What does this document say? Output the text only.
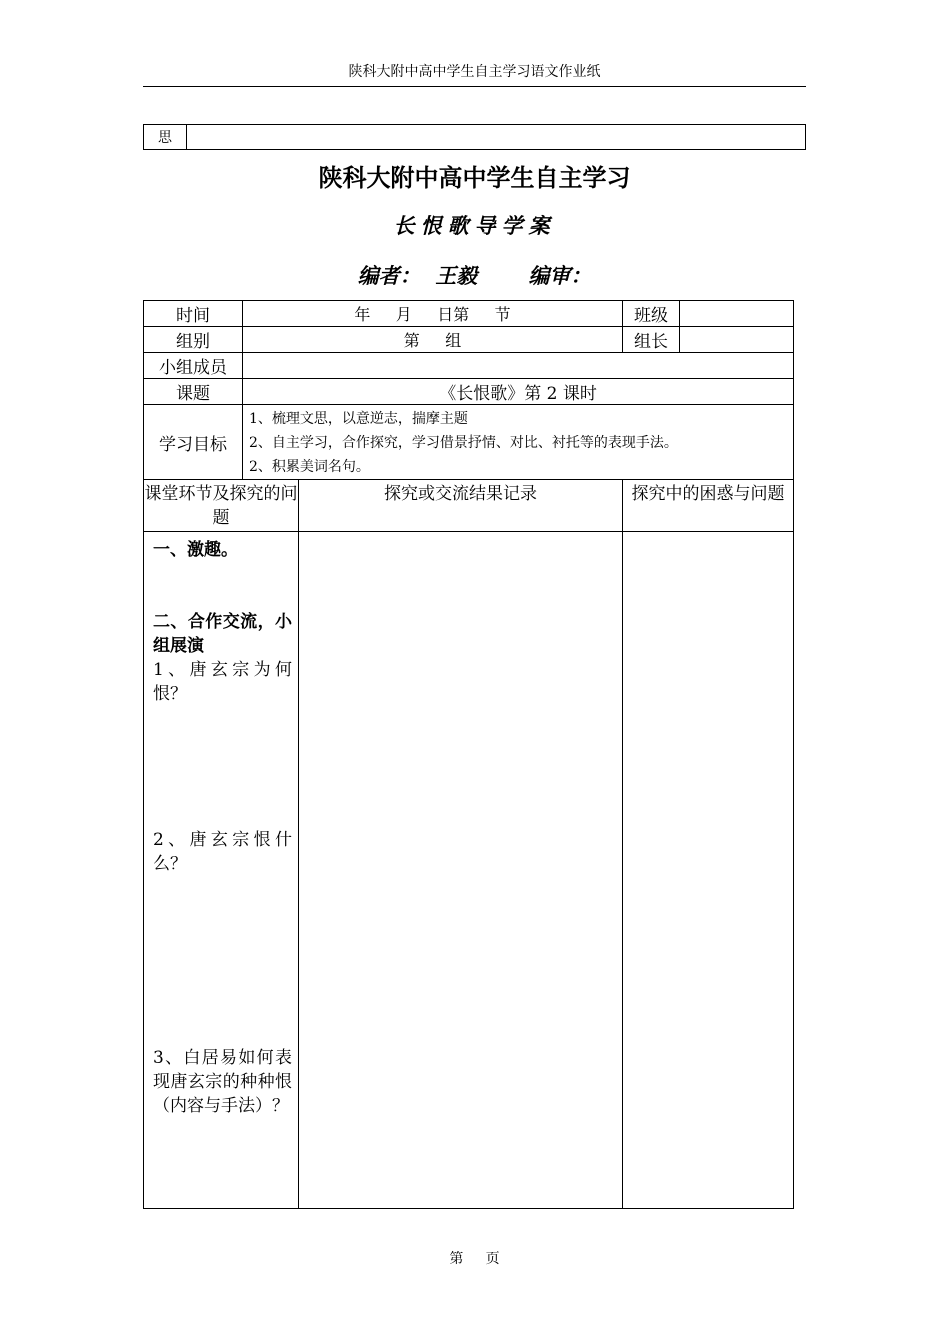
陕科大附中高中学生自主学习语文作业纸
思	
陕科大附中高中学生自主学习
长恨歌导学案
编者：  王毅       编审：
时间	年     月     日第     节		班级	
组别	第     组		组长	
小组成员				
课题	《长恨歌》第 2 课时			
学习目标	1、梳理文思，以意逆志，揣摩主题
2、自主学习，合作探究，学习借景抒情、对比、衬托等的表现手法。
2、积累美词名句。			

课堂环节及探究的问题		探究或交流结果记录	探究中的困惑与问题	

一、激趣。
二、合作交流，小组展演
1、唐玄宗为何恨？
2、唐玄宗恨什么？
3、白居易如何表现唐玄宗的种种恨（内容与手法）？				

第     页
